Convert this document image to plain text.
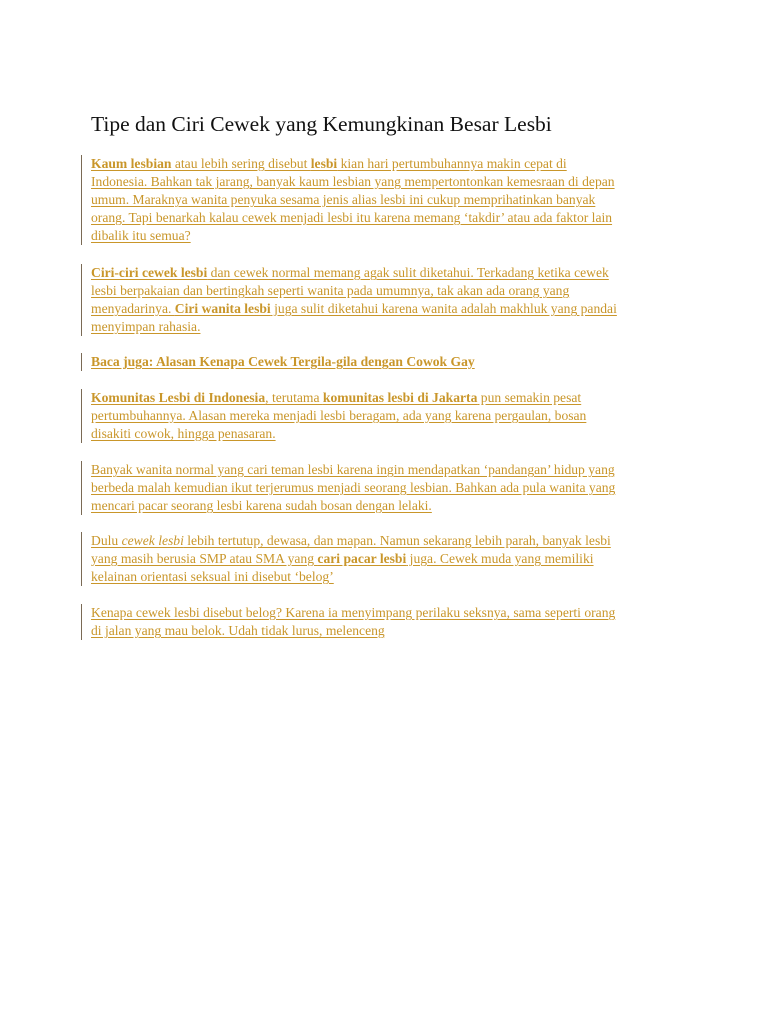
Tipe dan Ciri Cewek yang Kemungkinan Besar Lesbi
Kaum lesbian atau lebih sering disebut lesbi kian hari pertumbuhannya makin cepat di
Indonesia. Bahkan tak jarang, banyak kaum lesbian yang mempertontonkan kemesraan di depan
umum. Maraknya wanita penyuka sesama jenis alias lesbi ini cukup memprihatinkan banyak
orang. Tapi benarkah kalau cewek menjadi lesbi itu karena memang ‘takdir’ atau ada faktor lain
dibalik itu semua?
Ciri-ciri cewek lesbi dan cewek normal memang agak sulit diketahui. Terkadang ketika cewek
lesbi berpakaian dan bertingkah seperti wanita pada umumnya, tak akan ada orang yang
menyadarinya. Ciri wanita lesbi juga sulit diketahui karena wanita adalah makhluk yang pandai
menyimpan rahasia.
Baca juga: Alasan Kenapa Cewek Tergila-gila dengan Cowok Gay
Komunitas Lesbi di Indonesia, terutama komunitas lesbi di Jakarta pun semakin pesat
pertumbuhannya. Alasan mereka menjadi lesbi beragam, ada yang karena pergaulan, bosan
disakiti cowok, hingga penasaran.
Banyak wanita normal yang cari teman lesbi karena ingin mendapatkan ‘pandangan’ hidup yang
berbeda malah kemudian ikut terjerumus menjadi seorang lesbian. Bahkan ada pula wanita yang
mencari pacar seorang lesbi karena sudah bosan dengan lelaki.
Dulu cewek lesbi lebih tertutup, dewasa, dan mapan. Namun sekarang lebih parah, banyak lesbi
yang masih berusia SMP atau SMA yang cari pacar lesbi juga. Cewek muda yang memiliki
kelainan orientasi seksual ini disebut ‘belog’
Kenapa cewek lesbi disebut belog? Karena ia menyimpang perilaku seksnya, sama seperti orang
di jalan yang mau belok. Udah tidak lurus, melenceng
